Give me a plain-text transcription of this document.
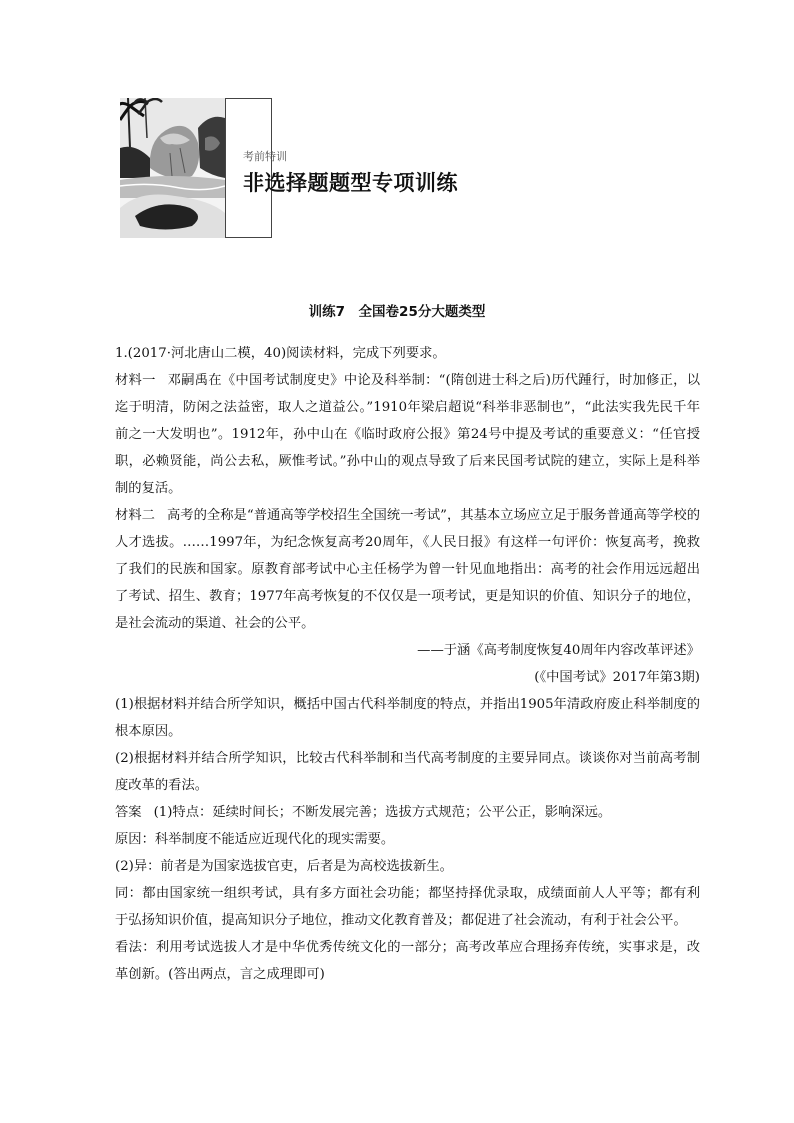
考前特训
非选择题题型专项训练
训练7　全国卷25分大题类型

1.(2017·河北唐山二模，40)阅读材料，完成下列要求。

材料一 邓嗣禹在《中国考试制度史》中论及科举制：“(隋创进士科之后)历代踵行，时加修正，以迄于明清，防闲之法益密，取人之道益公。”1910年梁启超说“科举非恶制也”，“此法实我先民千年前之一大发明也”。1912年，孙中山在《临时政府公报》第24号中提及考试的重要意义：“任官授职，必赖贤能，尚公去私，厥惟考试。”孙中山的观点导致了后来民国考试院的建立，实际上是科举制的复活。

材料二 高考的全称是“普通高等学校招生全国统一考试”，其基本立场应立足于服务普通高等学校的人才选拔。……1997年，为纪念恢复高考20周年，《人民日报》有这样一句评价：恢复高考，挽救了我们的民族和国家。原教育部考试中心主任杨学为曾一针见血地指出：高考的社会作用远远超出了考试、招生、教育；1977年高考恢复的不仅仅是一项考试，更是知识的价值、知识分子的地位，是社会流动的渠道、社会的公平。

——于涵《高考制度恢复40周年内容改革评述》

(《中国考试》2017年第3期)

(1)根据材料并结合所学知识，概括中国古代科举制度的特点，并指出1905年清政府废止科举制度的根本原因。

(2)根据材料并结合所学知识，比较古代科举制和当代高考制度的主要异同点。谈谈你对当前高考制度改革的看法。

答案 (1)特点：延续时间长；不断发展完善；选拔方式规范；公平公正，影响深远。

原因：科举制度不能适应近现代化的现实需要。

(2)异：前者是为国家选拔官吏，后者是为高校选拔新生。

同：都由国家统一组织考试，具有多方面社会功能；都坚持择优录取，成绩面前人人平等；都有利于弘扬知识价值，提高知识分子地位，推动文化教育普及；都促进了社会流动，有利于社会公平。

看法：利用考试选拔人才是中华优秀传统文化的一部分；高考改革应合理扬弃传统，实事求是，改革创新。(答出两点，言之成理即可)
